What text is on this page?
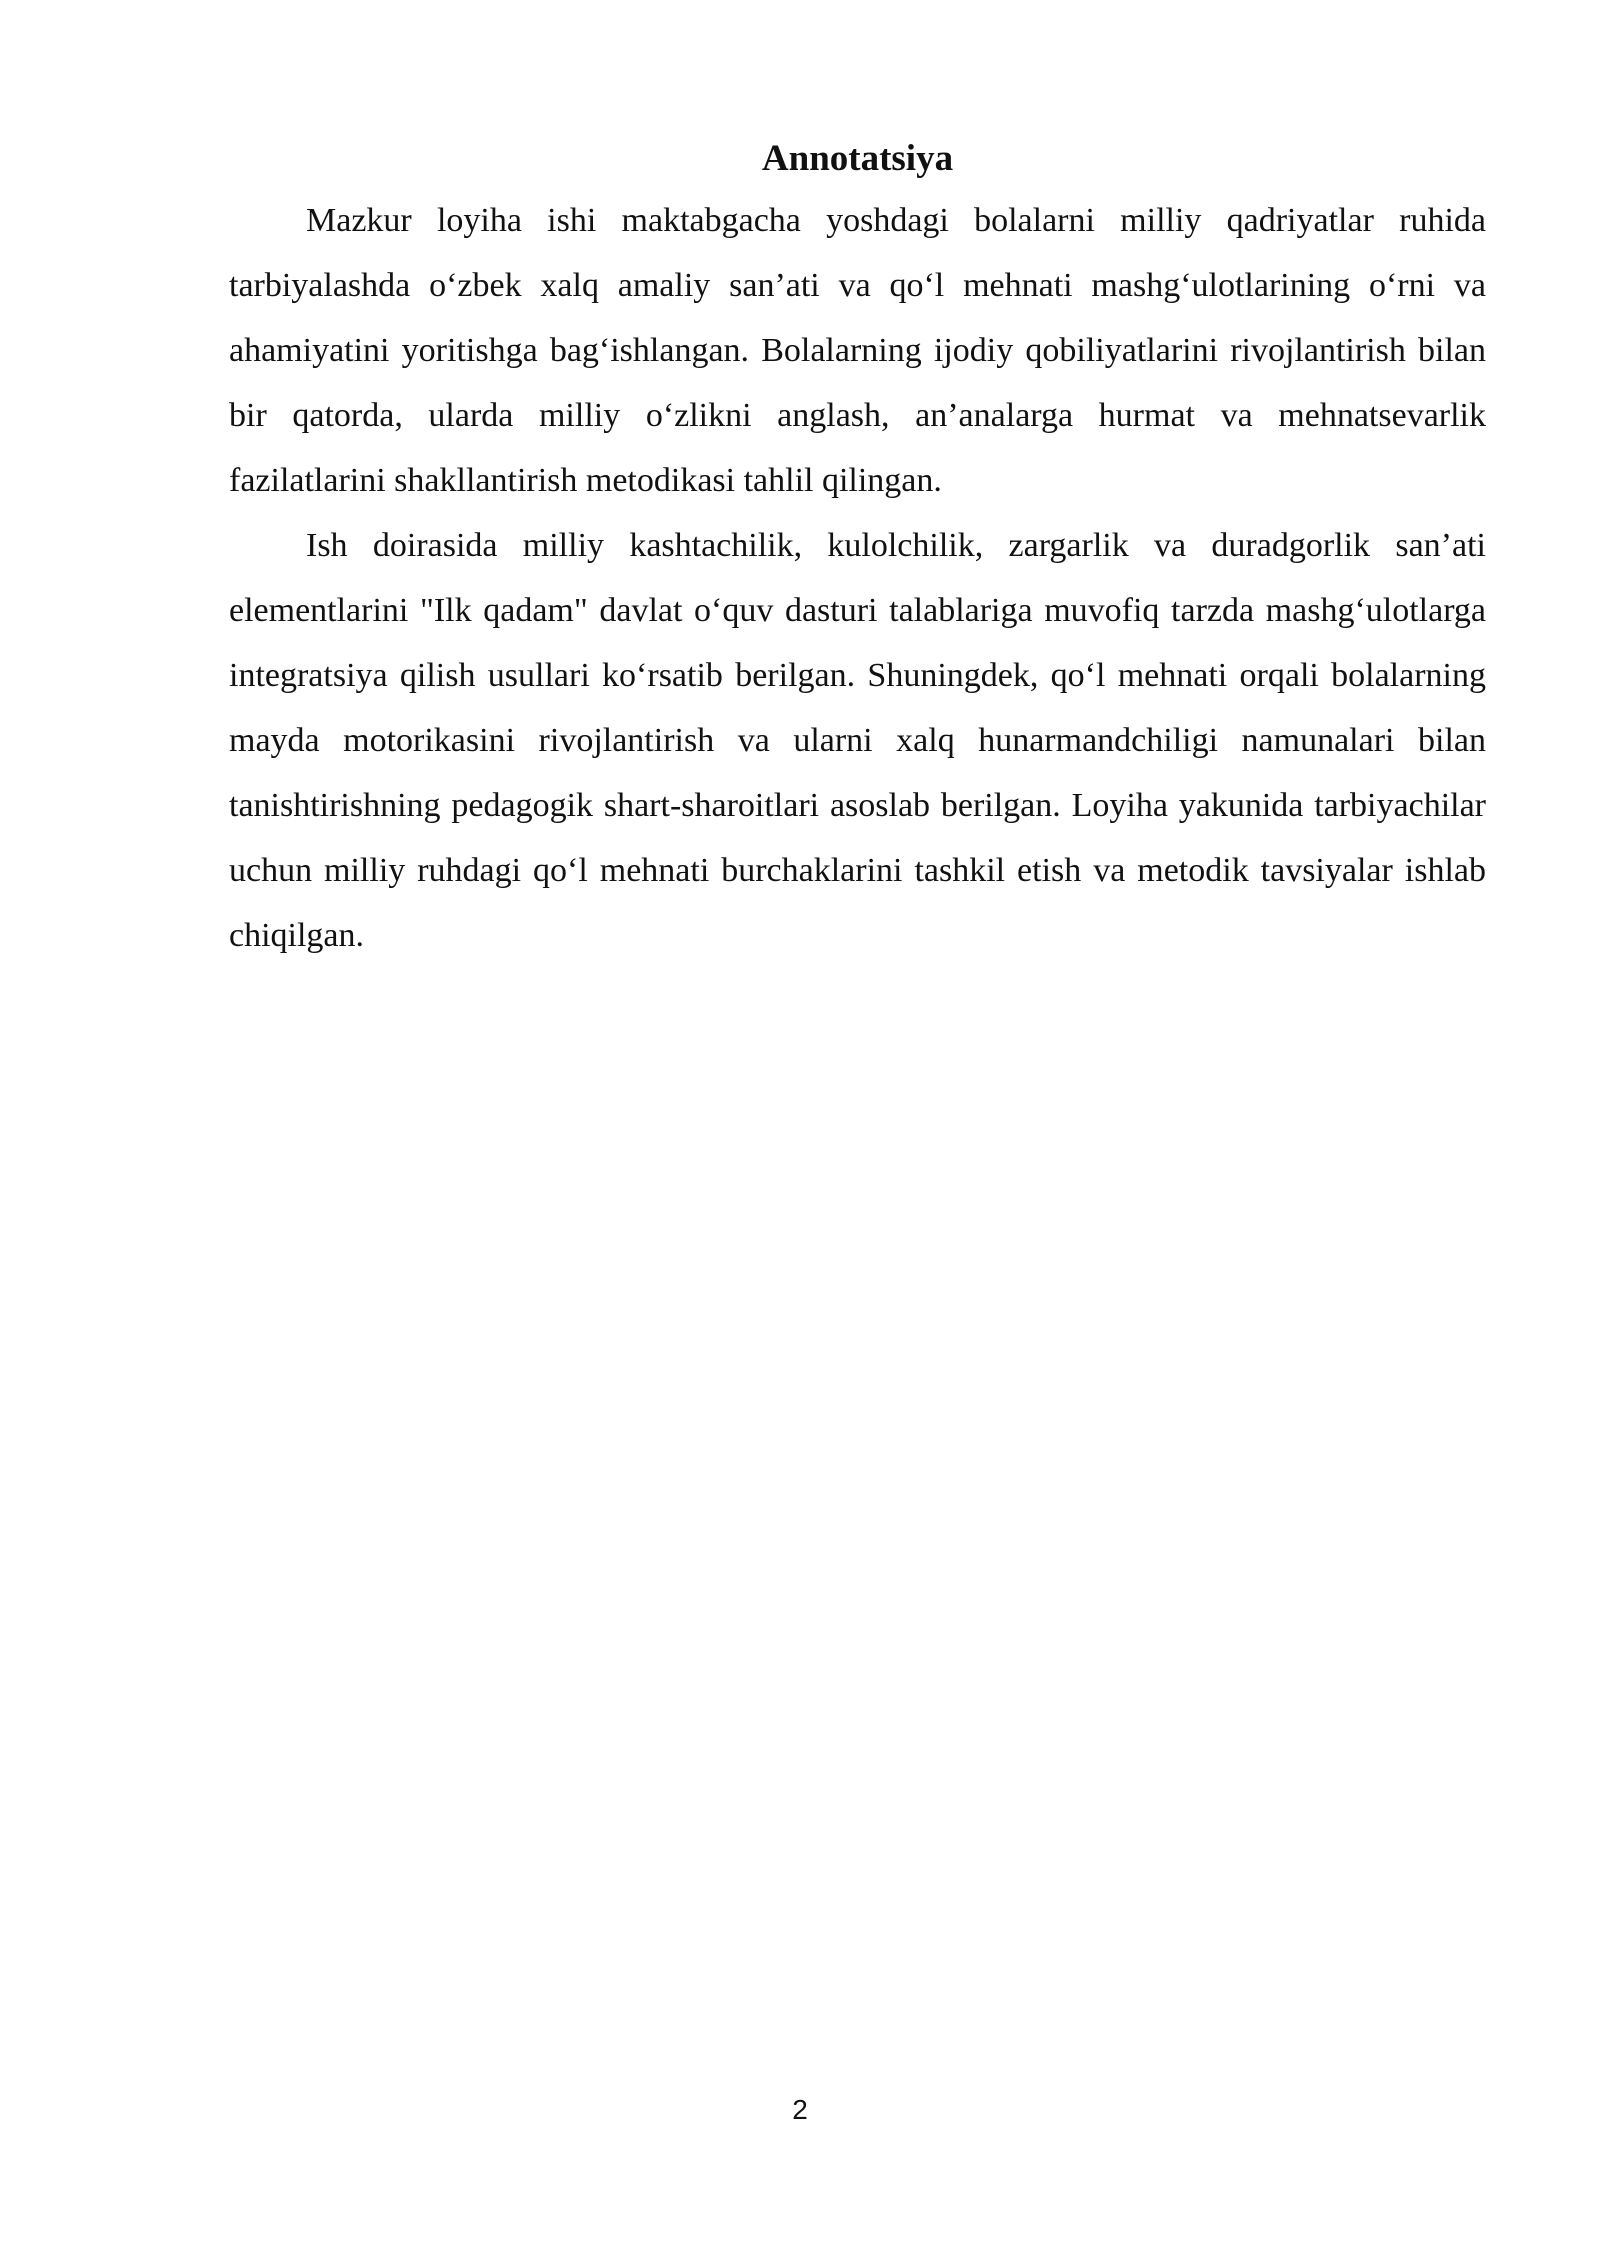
Annotatsiya

Mazkur loyiha ishi maktabgacha yoshdagi bolalarni milliy qadriyatlar ruhida tarbiyalashda o‘zbek xalq amaliy san’ati va qo‘l mehnati mashg‘ulotlarining o‘rni va ahamiyatini yoritishga bag‘ishlangan. Bolalarning ijodiy qobiliyatlarini rivojlantirish bilan bir qatorda, ularda milliy o‘zlikni anglash, an’analarga hurmat va mehnatsevarlik fazilatlarini shakllantirish metodikasi tahlil qilingan.

Ish doirasida milliy kashtachilik, kulolchilik, zargarlik va duradgorlik san’ati elementlarini "Ilk qadam" davlat o‘quv dasturi talablariga muvofiq tarzda mashg‘ulotlarga integratsiya qilish usullari ko‘rsatib berilgan. Shuningdek, qo‘l mehnati orqali bolalarning mayda motorikasini rivojlantirish va ularni xalq hunarmandchiligi namunalari bilan tanishtirishning pedagogik shart-sharoitlari asoslab berilgan. Loyiha yakunida tarbiyachilar uchun milliy ruhdagi qo‘l mehnati burchaklarini tashkil etish va metodik tavsiyalar ishlab chiqilgan.

2
